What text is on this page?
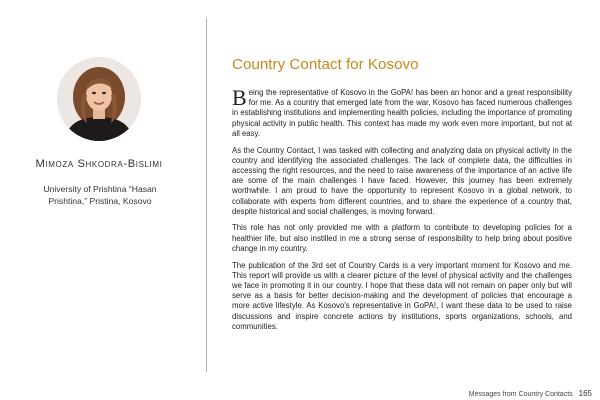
Mimoza Shkodra-Bislimi
University of Prishtina “Hasan Prishtina,” Pristina, Kosovo
Country Contact for Kosovo

Being the representative of Kosovo in the GoPA! has been an honor and a great responsibility for me. As a country that emerged late from the war, Kosovo has faced numerous challenges in establishing institutions and implementing health policies, including the importance of promoting physical activity in public health. This context has made my work even more important, but not at all easy.

As the Country Contact, I was tasked with collecting and analyzing data on physical activity in the country and identifying the associated challenges. The lack of complete data, the difficulties in accessing the right resources, and the need to raise awareness of the importance of an active life are some of the main challenges I have faced. However, this journey has been extremely worthwhile. I am proud to have the opportunity to represent Kosovo in a global network, to collaborate with experts from different countries, and to share the experience of a country that, despite historical and social challenges, is moving forward.

This role has not only provided me with a platform to contribute to developing policies for a healthier life, but also instilled in me a strong sense of responsibility to help bring about positive change in my country.

The publication of the 3rd set of Country Cards is a very important moment for Kosovo and me. This report will provide us with a clearer picture of the level of physical activity and the challenges we face in promoting it in our country. I hope that these data will not remain on paper only but will serve as a basis for better decision-making and the development of policies that encourage a more active lifestyle. As Kosovo's representative in GoPA!, I want these data to be used to raise discussions and inspire concrete actions by institutions, sports organizations, schools, and communities.

Messages from Country Contacts 165
